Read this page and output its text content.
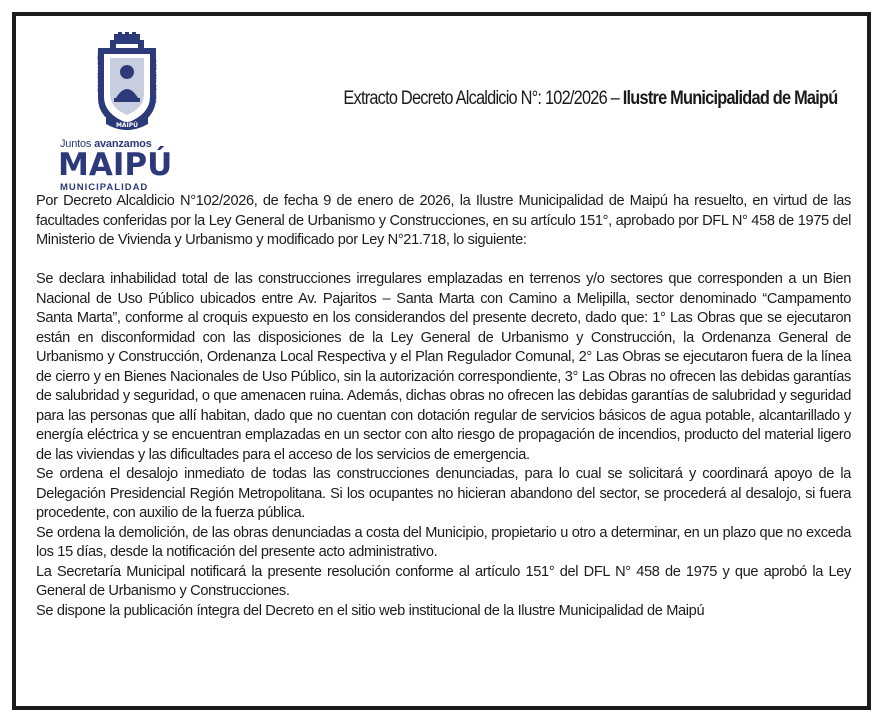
CUNA DE LA PATRIA	5 DE ABRIL DE 1818
MAIPÚ
Juntos avanzamos
MAIPÚ
MUNICIPALIDAD
Extracto Decreto Alcaldicio N°: 102/2026 – Ilustre Municipalidad de Maipú

Por Decreto Alcaldicio N°102/2026, de fecha 9 de enero de 2026, la Ilustre Municipalidad de Maipú ha resuelto, en virtud de las facultades conferidas por la Ley General de Urbanismo y Construcciones, en su artículo 151°, aprobado por DFL N° 458 de 1975 del Ministerio de Vivienda y Urbanismo y modificado por Ley N°21.718, lo siguiente:

Se declara inhabilidad total de las construcciones irregulares emplazadas en terrenos y/o sectores que corresponden a un Bien Nacional de Uso Público ubicados entre Av. Pajaritos – Santa Marta con Camino a Melipilla, sector denominado “Campamento Santa Marta”, conforme al croquis expuesto en los considerandos del presente decreto, dado que: 1° Las Obras que se ejecutaron están en disconformidad con las disposiciones de la Ley General de Urbanismo y Construcción, la Ordenanza General de Urbanismo y Construcción, Ordenanza Local Respectiva y el Plan Regulador Comunal, 2° Las Obras se ejecutaron fuera de la línea de cierro y en Bienes Nacionales de Uso Público, sin la autorización correspondiente, 3° Las Obras no ofrecen las debidas garantías de salubridad y seguridad, o que amenacen ruina. Además, dichas obras no ofrecen las debidas garantías de salubridad y seguridad para las personas que allí habitan, dado que no cuentan con dotación regular de servicios básicos de agua potable, alcantarillado y energía eléctrica y se encuentran emplazadas en un sector con alto riesgo de propagación de incendios, producto del material ligero de las viviendas y las dificultades para el acceso de los servicios de emergencia.

Se ordena el desalojo inmediato de todas las construcciones denunciadas, para lo cual se solicitará y coordinará apoyo de la Delegación Presidencial Región Metropolitana. Si los ocupantes no hicieran abandono del sector, se procederá al desalojo, si fuera procedente, con auxilio de la fuerza pública.

Se ordena la demolición, de las obras denunciadas a costa del Municipio, propietario u otro a determinar, en un plazo que no exceda los 15 días, desde la notificación del presente acto administrativo.

La Secretaría Municipal notificará la presente resolución conforme al artículo 151° del DFL N° 458 de 1975 y que aprobó la Ley General de Urbanismo y Construcciones.

Se dispone la publicación íntegra del Decreto en el sitio web institucional de la Ilustre Municipalidad de Maipú
